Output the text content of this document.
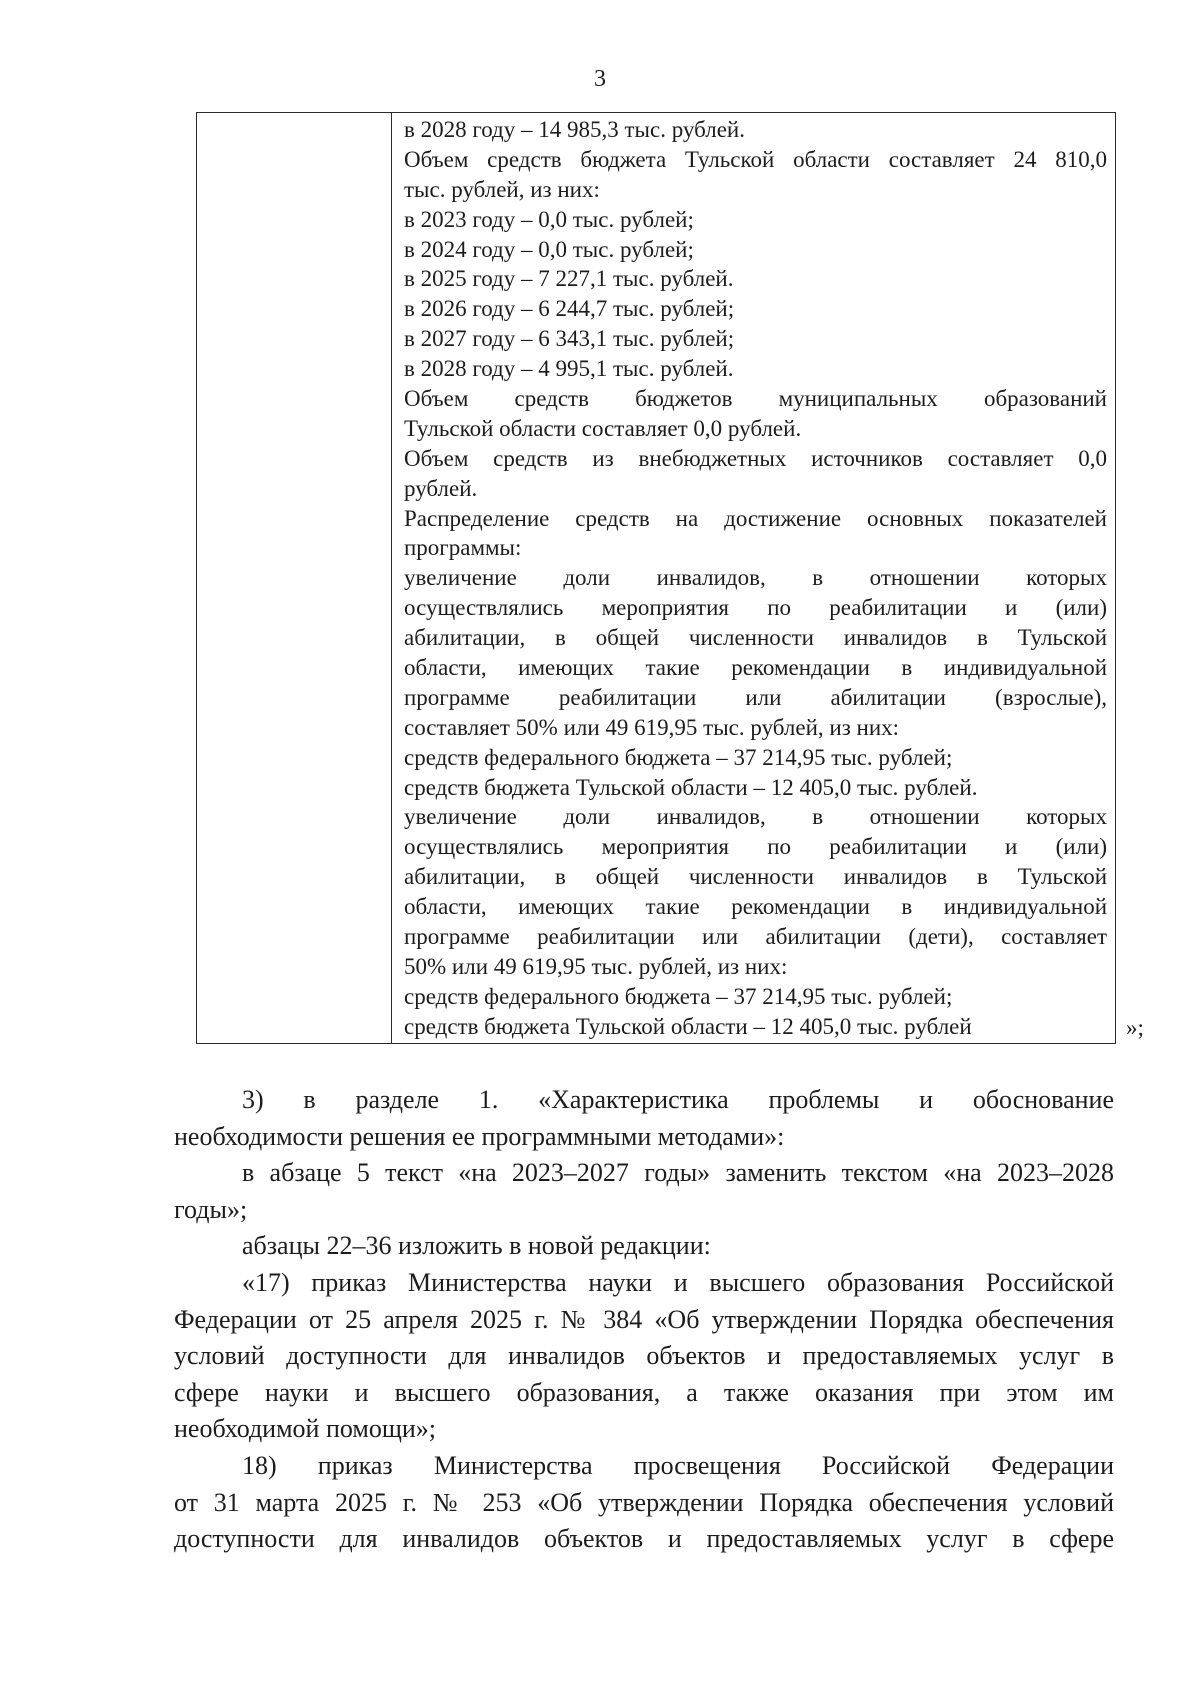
3
в 2028 году – 14 985,3 тыс. рублей.
Объем средств бюджета Тульской области составляет 24 810,0
тыс. рублей, из них:
в 2023 году – 0,0 тыс. рублей;
в 2024 году – 0,0 тыс. рублей;
в 2025 году – 7 227,1 тыс. рублей.
в 2026 году – 6 244,7 тыс. рублей;
в 2027 году – 6 343,1 тыс. рублей;
в 2028 году – 4 995,1 тыс. рублей.
Объем средств бюджетов муниципальных образований
Тульской области составляет 0,0 рублей.
Объем средств из внебюджетных источников составляет 0,0
рублей.
Распределение средств на достижение основных показателей
программы:
увеличение доли инвалидов, в отношении которых
осуществлялись мероприятия по реабилитации и (или)
абилитации, в общей численности инвалидов в Тульской
области, имеющих такие рекомендации в индивидуальной
программе реабилитации или абилитации (взрослые),
составляет 50% или 49 619,95 тыс. рублей, из них:
средств федерального бюджета – 37 214,95 тыс. рублей;
средств бюджета Тульской области – 12 405,0 тыс. рублей.
увеличение доли инвалидов, в отношении которых
осуществлялись мероприятия по реабилитации и (или)
абилитации, в общей численности инвалидов в Тульской
области, имеющих такие рекомендации в индивидуальной
программе реабилитации или абилитации (дети), составляет
50% или 49 619,95 тыс. рублей, из них:
средств федерального бюджета – 37 214,95 тыс. рублей;
средств бюджета Тульской области – 12 405,0 тыс. рублей	»;
3) в разделе 1. «Характеристика проблемы и обоснование
необходимости решения ее программными методами»:
в абзаце 5 текст «на 2023–2027 годы» заменить текстом «на 2023–2028
годы»;
абзацы 22–36 изложить в новой редакции:
«17) приказ Министерства науки и высшего образования Российской
Федерации от 25 апреля 2025 г. № 384 «Об утверждении Порядка обеспечения
условий доступности для инвалидов объектов и предоставляемых услуг в
сфере науки и высшего образования, а также оказания при этом им
необходимой помощи»;
18) приказ Министерства просвещения Российской Федерации
от 31 марта 2025 г. № 253 «Об утверждении Порядка обеспечения условий
доступности для инвалидов объектов и предоставляемых услуг в сфере
